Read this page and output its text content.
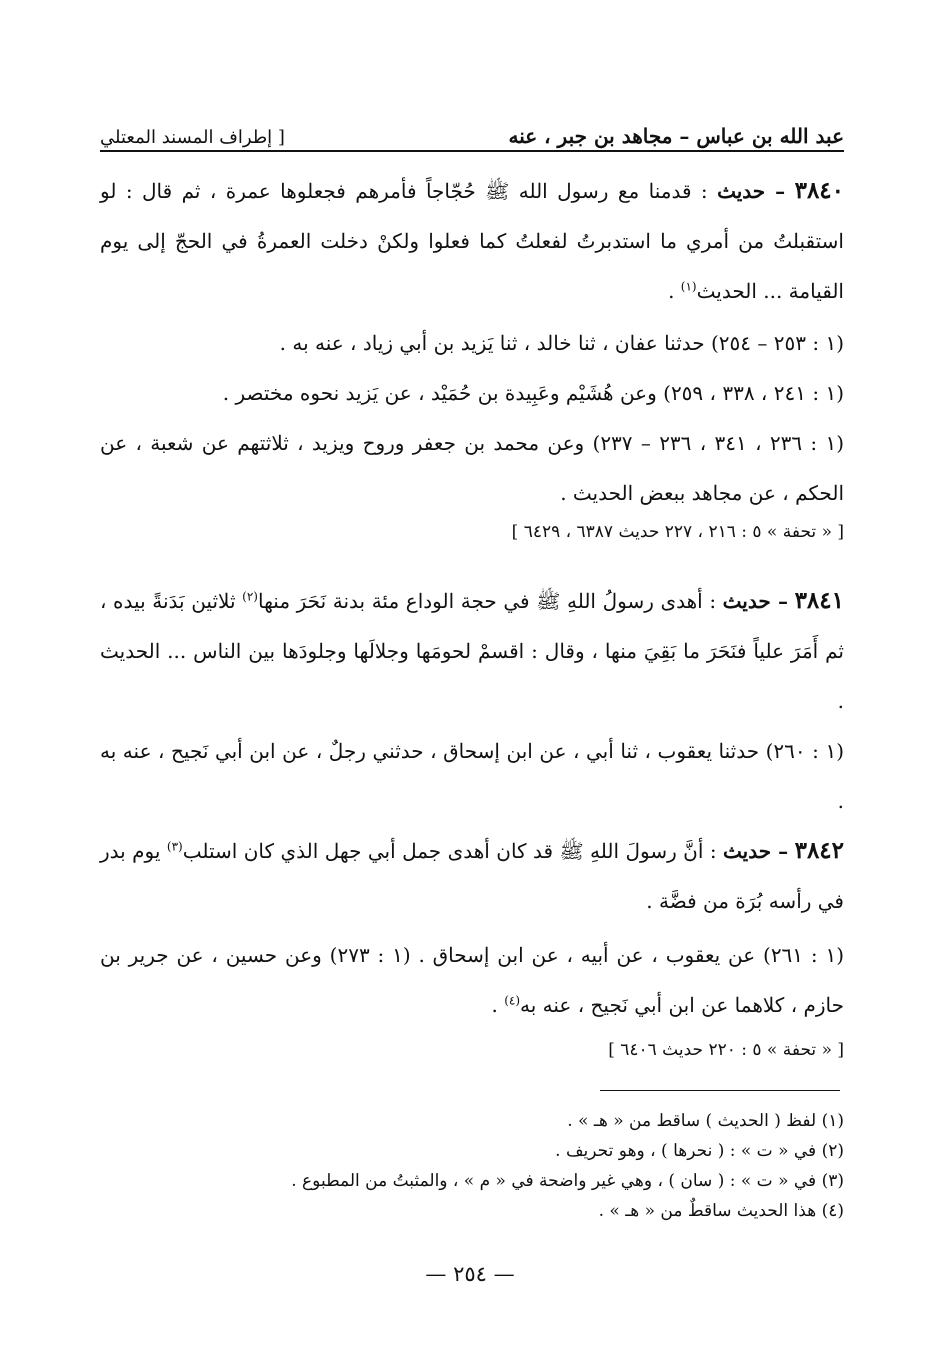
عبد الله بن عباس – مجاهد بن جبر ، عنه
[ إطراف المسند المعتلي

٣٨٤٠ – حديث : قدمنا مع رسول الله ﷺ حُجّاجاً فأمرهم فجعلوها عمرة ، ثم قال : لو استقبلتُ من أمري ما استدبرتُ لفعلتُ كما فعلوا ولكنْ دخلت العمرةُ في الحجّ إلى يوم القيامة ... الحديث$^{(١)}$ .

(١ : ٢٥٣ – ٢٥٤) حدثنا عفان ، ثنا خالد ، ثنا يَزيد بن أبي زياد ، عنه به .

(١ : ٢٤١ ، ٣٣٨ ، ٢٥٩) وعن هُشَيْم وعَبِيدة بن حُمَيْد ، عن يَزيد نحوه مختصر .

(١ : ٢٣٦ ، ٣٤١ ، ٢٣٦ – ٢٣٧) وعن محمد بن جعفر وروح ويزيد ، ثلاثتهم عن شعبة ، عن الحكم ، عن مجاهد ببعض الحديث .

[ « تحفة » ٥ : ٢١٦ ، ٢٢٧ حديث ٦٣٨٧ ، ٦٤٢٩ ]

٣٨٤١ – حديث : أهدى رسولُ اللهِ ﷺ في حجة الوداع مئة بدنة نَحَرَ منها$^{(٢)}$ ثلاثين بَدَنةً بيده ، ثم أَمَرَ علياً فنَحَرَ ما بَقِيَ منها ، وقال : اقسمْ لحومَها وجلالَها وجلودَها بين الناس ... الحديث .

(١ : ٢٦٠) حدثنا يعقوب ، ثنا أبي ، عن ابن إسحاق ، حدثني رجلٌ ، عن ابن أبي نَجيح ، عنه به .

٣٨٤٢ – حديث : أنَّ رسولَ اللهِ ﷺ قد كان أهدى جمل أبي جهل الذي كان استلب$^{(٣)}$ يوم بدر في رأسه بُرَة من فضَّة .

(١ : ٢٦١) عن يعقوب ، عن أبيه ، عن ابن إسحاق . (١ : ٢٧٣) وعن حسين ، عن جرير بن حازم ، كلاهما عن ابن أبي نَجيح ، عنه به$^{(٤)}$ .

[ « تحفة » ٥ : ٢٢٠ حديث ٦٤٠٦ ]
(١) لفظ ( الحديث ) ساقط من « هـ » .
(٢) في « ت » : ( نحرها ) ، وهو تحريف .
(٣) في « ت » : ( سان ) ، وهي غير واضحة في « م » ، والمثبتُ من المطبوع .
(٤) هذا الحديث ساقطٌ من « هـ » .
— ٢٥٤ —
